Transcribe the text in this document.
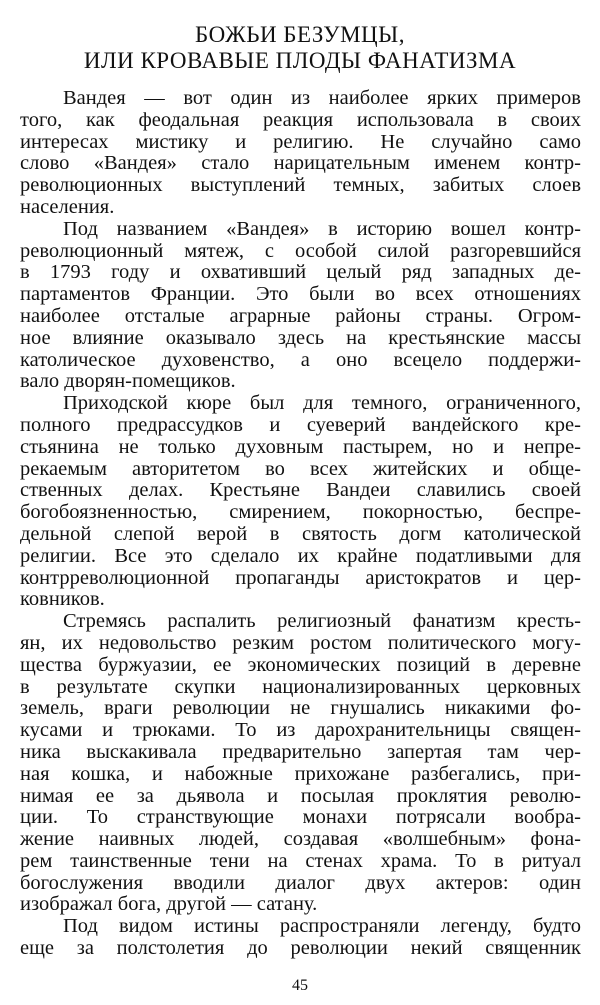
БОЖЬИ БЕЗУМЦЫ,
ИЛИ КРОВАВЫЕ ПЛОДЫ ФАНАТИЗМА
Вандея — вот один из наиболее ярких примеров
того, как феодальная реакция использовала в своих
интересах мистику и религию. Не случайно само
слово «Вандея» стало нарицательным именем контр-
революционных выступлений темных, забитых слоев
населения.
Под названием «Вандея» в историю вошел контр-
революционный мятеж, с особой силой разгоревшийся
в 1793 году и охвативший целый ряд западных де-
партаментов Франции. Это были во всех отношениях
наиболее отсталые аграрные районы страны. Огром-
ное влияние оказывало здесь на крестьянские массы
католическое духовенство, а оно всецело поддержи-
вало дворян-помещиков.
Приходской кюре был для темного, ограниченного,
полного предрассудков и суеверий вандейского кре-
стьянина не только духовным пастырем, но и непре-
рекаемым авторитетом во всех житейских и обще-
ственных делах. Крестьяне Вандеи славились своей
богобоязненностью, смирением, покорностью, беспре-
дельной слепой верой в святость догм католической
религии. Все это сделало их крайне податливыми для
контрреволюционной пропаганды аристократов и цер-
ковников.
Стремясь распалить религиозный фанатизм кресть-
ян, их недовольство резким ростом политического могу-
щества буржуазии, ее экономических позиций в деревне
в результате скупки национализированных церковных
земель, враги революции не гнушались никакими фо-
кусами и трюками. То из дарохранительницы священ-
ника выскакивала предварительно запертая там чер-
ная кошка, и набожные прихожане разбегались, при-
нимая ее за дьявола и посылая проклятия револю-
ции. То странствующие монахи потрясали вообра-
жение наивных людей, создавая «волшебным» фона-
рем таинственные тени на стенах храма. То в ритуал
богослужения вводили диалог двух актеров: один
изображал бога, другой — сатану.
Под видом истины распространяли легенду, будто
еще за полстолетия до революции некий священник
45
